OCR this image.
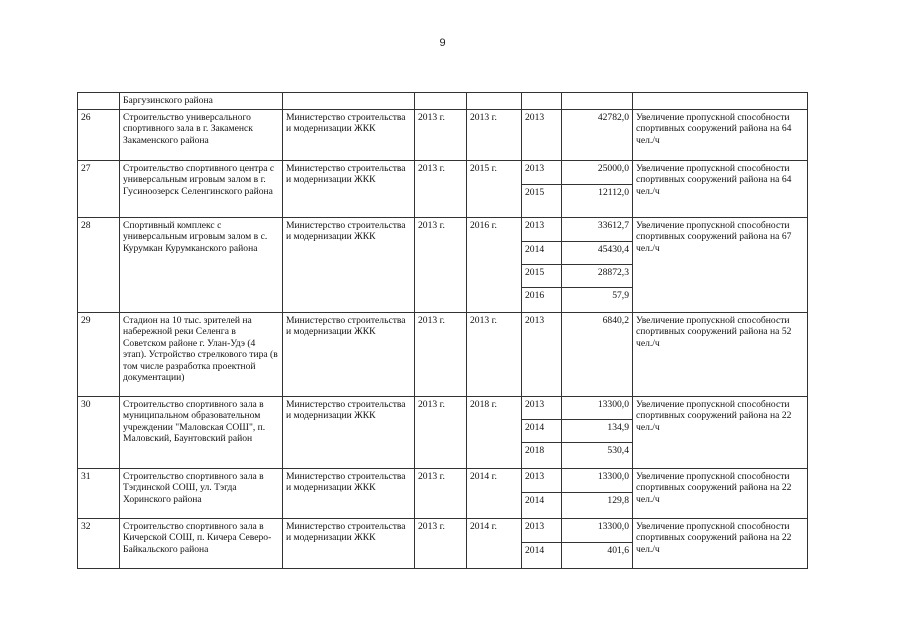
9
	Баргузинского района						
26	Строительство универсального спортивного зала в г. Закаменск Закаменского района	Министерство строительства и модернизации ЖКК	2013 г.	2013 г.	2013	42782,0	Увеличение пропускной способности спортивных сооружений района на 64 чел./ч
27	Строительство спортивного центра с универсальным игровым залом в г. Гусиноозерск Селенгинского района	Министерство строительства и модернизации ЖКК	2013 г.	2015 г.	2013	25000,0	Увеличение пропускной способности спортивных сооружений района на 64 чел./ч
					2015	12112,0	
28	Спортивный комплекс с универсальным игровым залом в с. Курумкан Курумканского района	Министерство строительства и модернизации ЖКК	2013 г.	2016 г.	2013	33612,7	Увеличение пропускной способности спортивных сооружений района на 67 чел./ч
					2014	45430,4	
					2015	28872,3	
					2016	57,9	
29	Стадион на 10 тыс. зрителей на набережной реки Селенга в Советском районе г. Улан-Удэ (4 этап). Устройство стрелкового тира (в том числе разработка проектной документации)	Министерство строительства и модернизации ЖКК	2013 г.	2013 г.	2013	6840,2	Увеличение пропускной способности спортивных сооружений района на 52 чел./ч
30	Строительство спортивного зала в муниципальном образовательном учреждении "Маловская СОШ", п. Маловский, Баунтовский район	Министерство строительства и модернизации ЖКК	2013 г.	2018 г.	2013	13300,0	Увеличение пропускной способности спортивных сооружений района на 22 чел./ч
					2014	134,9	
					2018	530,4	
31	Строительство спортивного зала в Тэгдинской СОШ, ул. Тэгда Хоринского района	Министерство строительства и модернизации ЖКК	2013 г.	2014 г.	2013	13300,0	Увеличение пропускной способности спортивных сооружений района на 22 чел./ч
					2014	129,8	
32	Строительство спортивного зала в Кичерской СОШ, п. Кичера Северо-Байкальского района	Министерство строительства и модернизации ЖКК	2013 г.	2014 г.	2013	13300,0	Увеличение пропускной способности спортивных сооружений района на 22 чел./ч
					2014	401,6	
